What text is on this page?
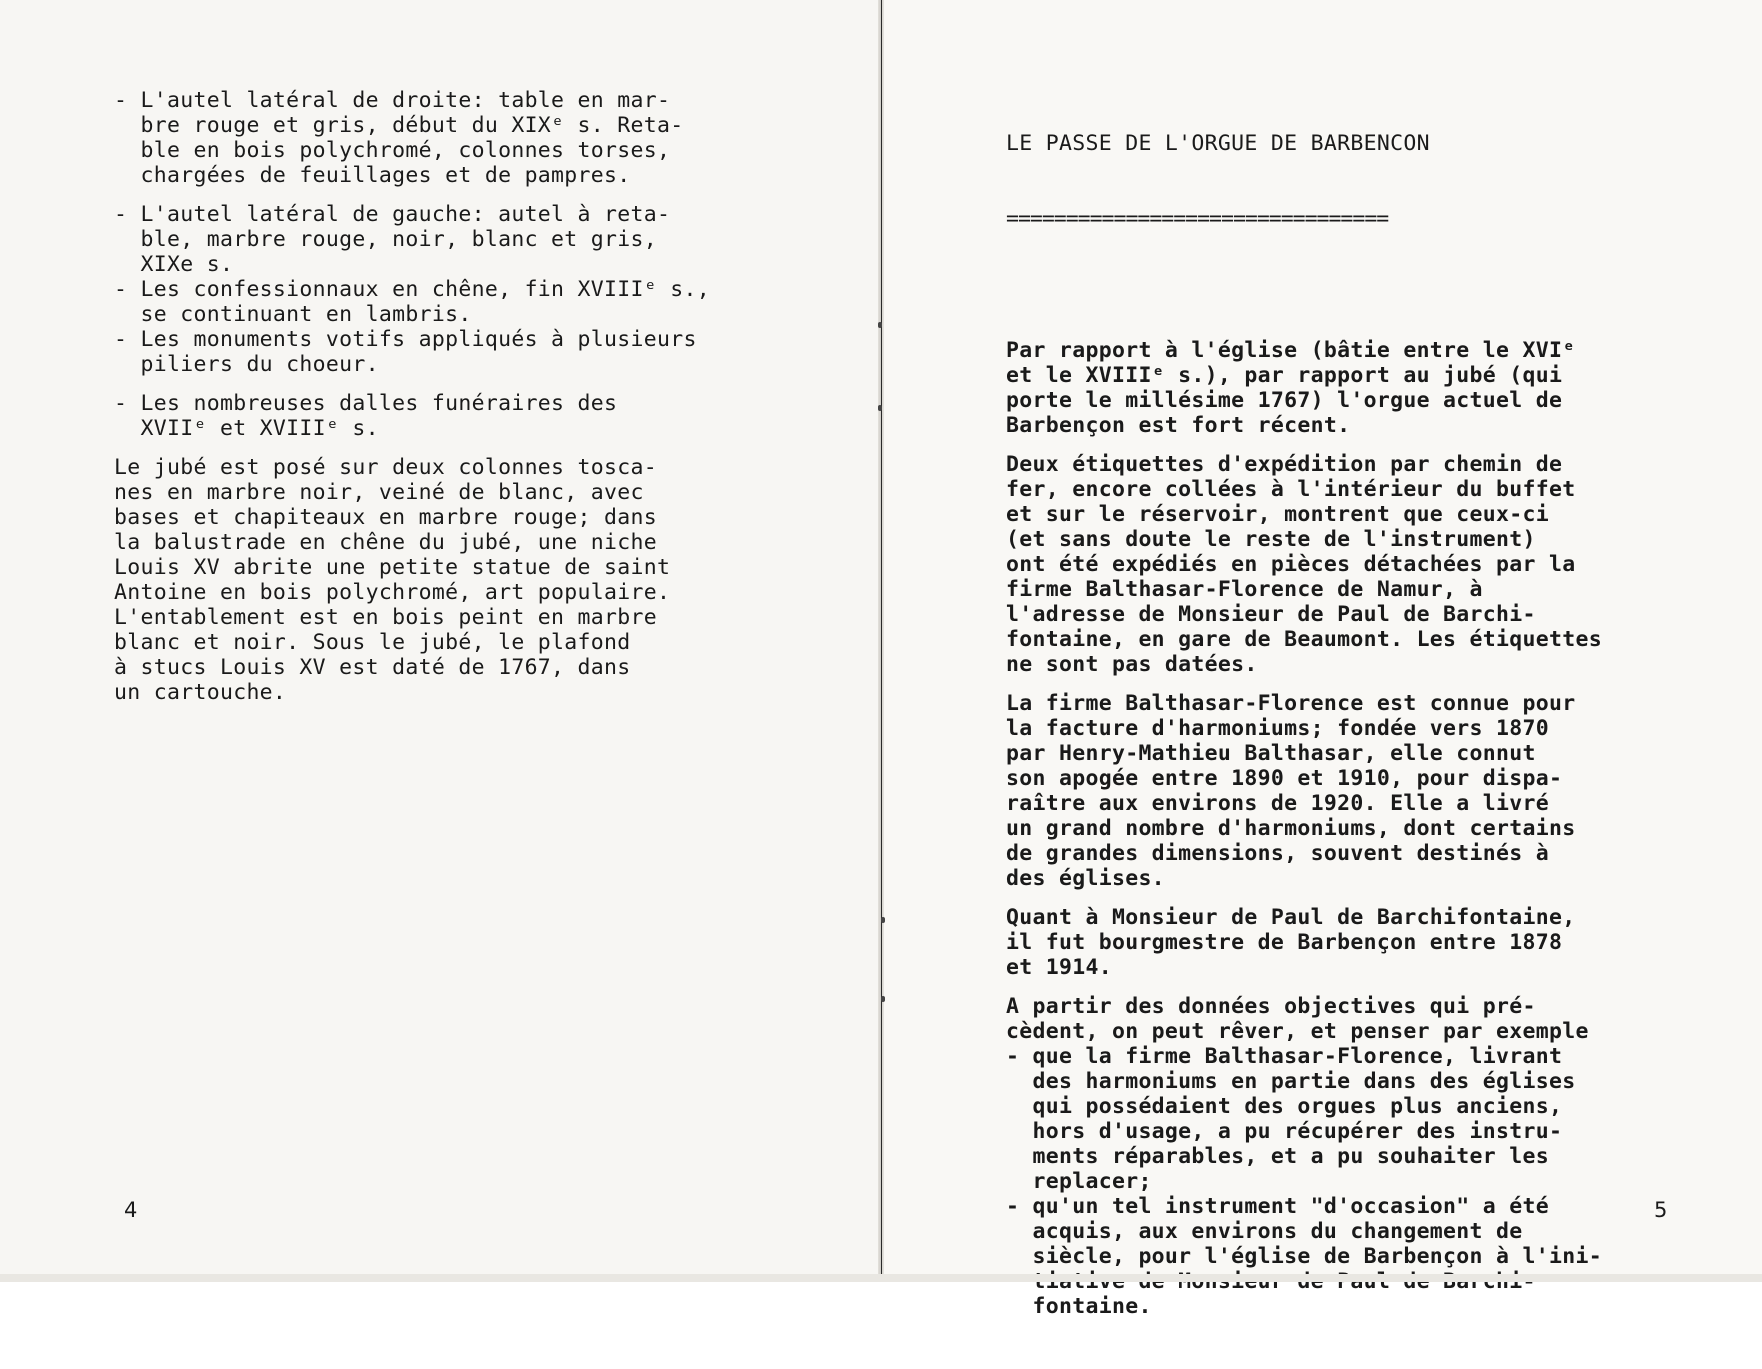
- L'autel latéral de droite: table en mar-
bre rouge et gris, début du XIXᵉ s. Reta-
ble en bois polychromé, colonnes torses,
chargées de feuillages et de pampres.
- L'autel latéral de gauche: autel à reta-
ble, marbre rouge, noir, blanc et gris,
XIXe s.
- Les confessionnaux en chêne, fin XVIIIᵉ s.,
se continuant en lambris.
- Les monuments votifs appliqués à plusieurs
piliers du choeur.
- Les nombreuses dalles funéraires des
XVIIᵉ et XVIIIᵉ s.
Le jubé est posé sur deux colonnes tosca-
nes en marbre noir, veiné de blanc, avec
bases et chapiteaux en marbre rouge; dans
la balustrade en chêne du jubé, une niche
Louis XV abrite une petite statue de saint
Antoine en bois polychromé, art populaire.
L'entablement est en bois peint en marbre
blanc et noir. Sous le jubé, le plafond
à stucs Louis XV est daté de 1767, dans
un cartouche.
4

LE PASSE DE L'ORGUE DE BARBENCON

================================

Par rapport à l'église (bâtie entre le XVIᵉ
et le XVIIIᵉ s.), par rapport au jubé (qui
porte le millésime 1767) l'orgue actuel de
Barbençon est fort récent.
Deux étiquettes d'expédition par chemin de
fer, encore collées à l'intérieur du buffet
et sur le réservoir, montrent que ceux-ci
(et sans doute le reste de l'instrument)
ont été expédiés en pièces détachées par la
firme Balthasar-Florence de Namur, à
l'adresse de Monsieur de Paul de Barchi-
fontaine, en gare de Beaumont. Les étiquettes
ne sont pas datées.
La firme Balthasar-Florence est connue pour
la facture d'harmoniums; fondée vers 1870
par Henry-Mathieu Balthasar, elle connut
son apogée entre 1890 et 1910, pour dispa-
raître aux environs de 1920. Elle a livré
un grand nombre d'harmoniums, dont certains
de grandes dimensions, souvent destinés à
des églises.
Quant à Monsieur de Paul de Barchifontaine,
il fut bourgmestre de Barbençon entre 1878
et 1914.
A partir des données objectives qui pré-
cèdent, on peut rêver, et penser par exemple
- que la firme Balthasar-Florence, livrant
des harmoniums en partie dans des églises
qui possédaient des orgues plus anciens,
hors d'usage, a pu récupérer des instru-
ments réparables, et a pu souhaiter les
replacer;
- qu'un tel instrument "d'occasion" a été
acquis, aux environs du changement de
siècle, pour l'église de Barbençon à l'ini-
fontaine.

5
